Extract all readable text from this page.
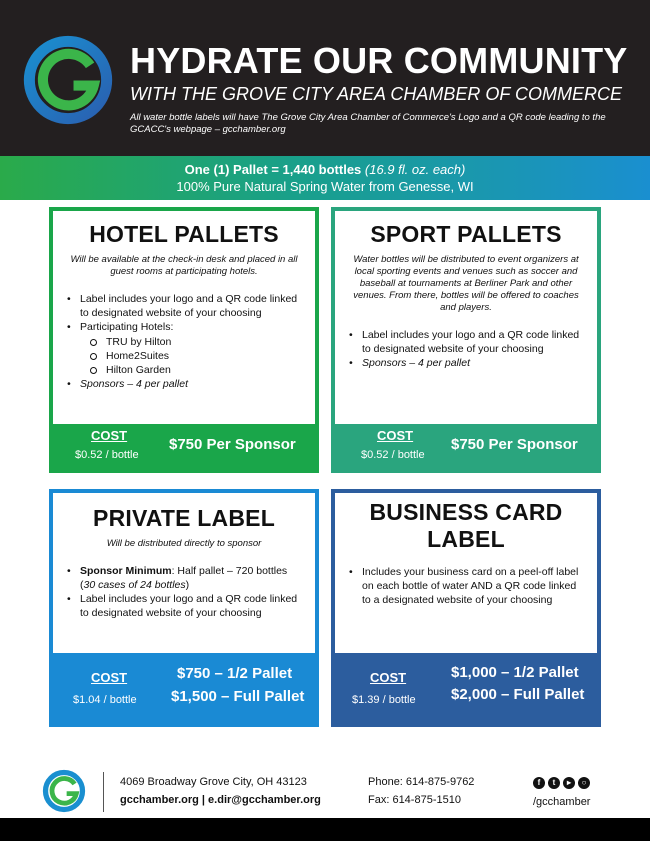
HYDRATE OUR COMMUNITY
WITH THE GROVE CITY AREA CHAMBER OF COMMERCE
All water bottle labels will have The Grove City Area Chamber of Commerce's Logo and a QR code leading to the GCACC's webpage – gcchamber.org
One (1) Pallet = 1,440 bottles (16.9 fl. oz. each)
100% Pure Natural Spring Water from Genesse, WI
HOTEL PALLETS
Will be available at the check-in desk and placed in all guest rooms at participating hotels.
• Label includes your logo and a QR code linked to designated website of your choosing
• Participating Hotels:
TRU by Hilton
Home2Suites
Hilton Garden
• Sponsors – 4 per pallet
COST
$0.52 / bottle
$750 Per Sponsor
SPORT PALLETS
Water bottles will be distributed to event organizers at local sporting events and venues such as soccer and baseball at tournaments at Berliner Park and other venues. From there, bottles will be offered to coaches and players.
• Label includes your logo and a QR code linked to designated website of your choosing
• Sponsors – 4 per pallet
COST
$0.52 / bottle
$750 Per Sponsor
PRIVATE LABEL
Will be distributed directly to sponsor
• Sponsor Minimum: Half pallet – 720 bottles (30 cases of 24 bottles)
• Label includes your logo and a QR code linked to designated website of your choosing
COST
$1.04 / bottle
$750 – 1/2 Pallet
$1,500 – Full Pallet
BUSINESS CARD
LABEL
• Includes your business card on a peel-off label on each bottle of water AND a QR code linked to a designated website of your choosing
COST
$1.39 / bottle
$1,000 – 1/2 Pallet
$2,000 – Full Pallet
4069 Broadway Grove City, OH 43123
gcchamber.org | e.dir@gcchamber.org
Phone: 614-875-9762
Fax: 614-875-1510
f
t
▸
○	/gcchamber
